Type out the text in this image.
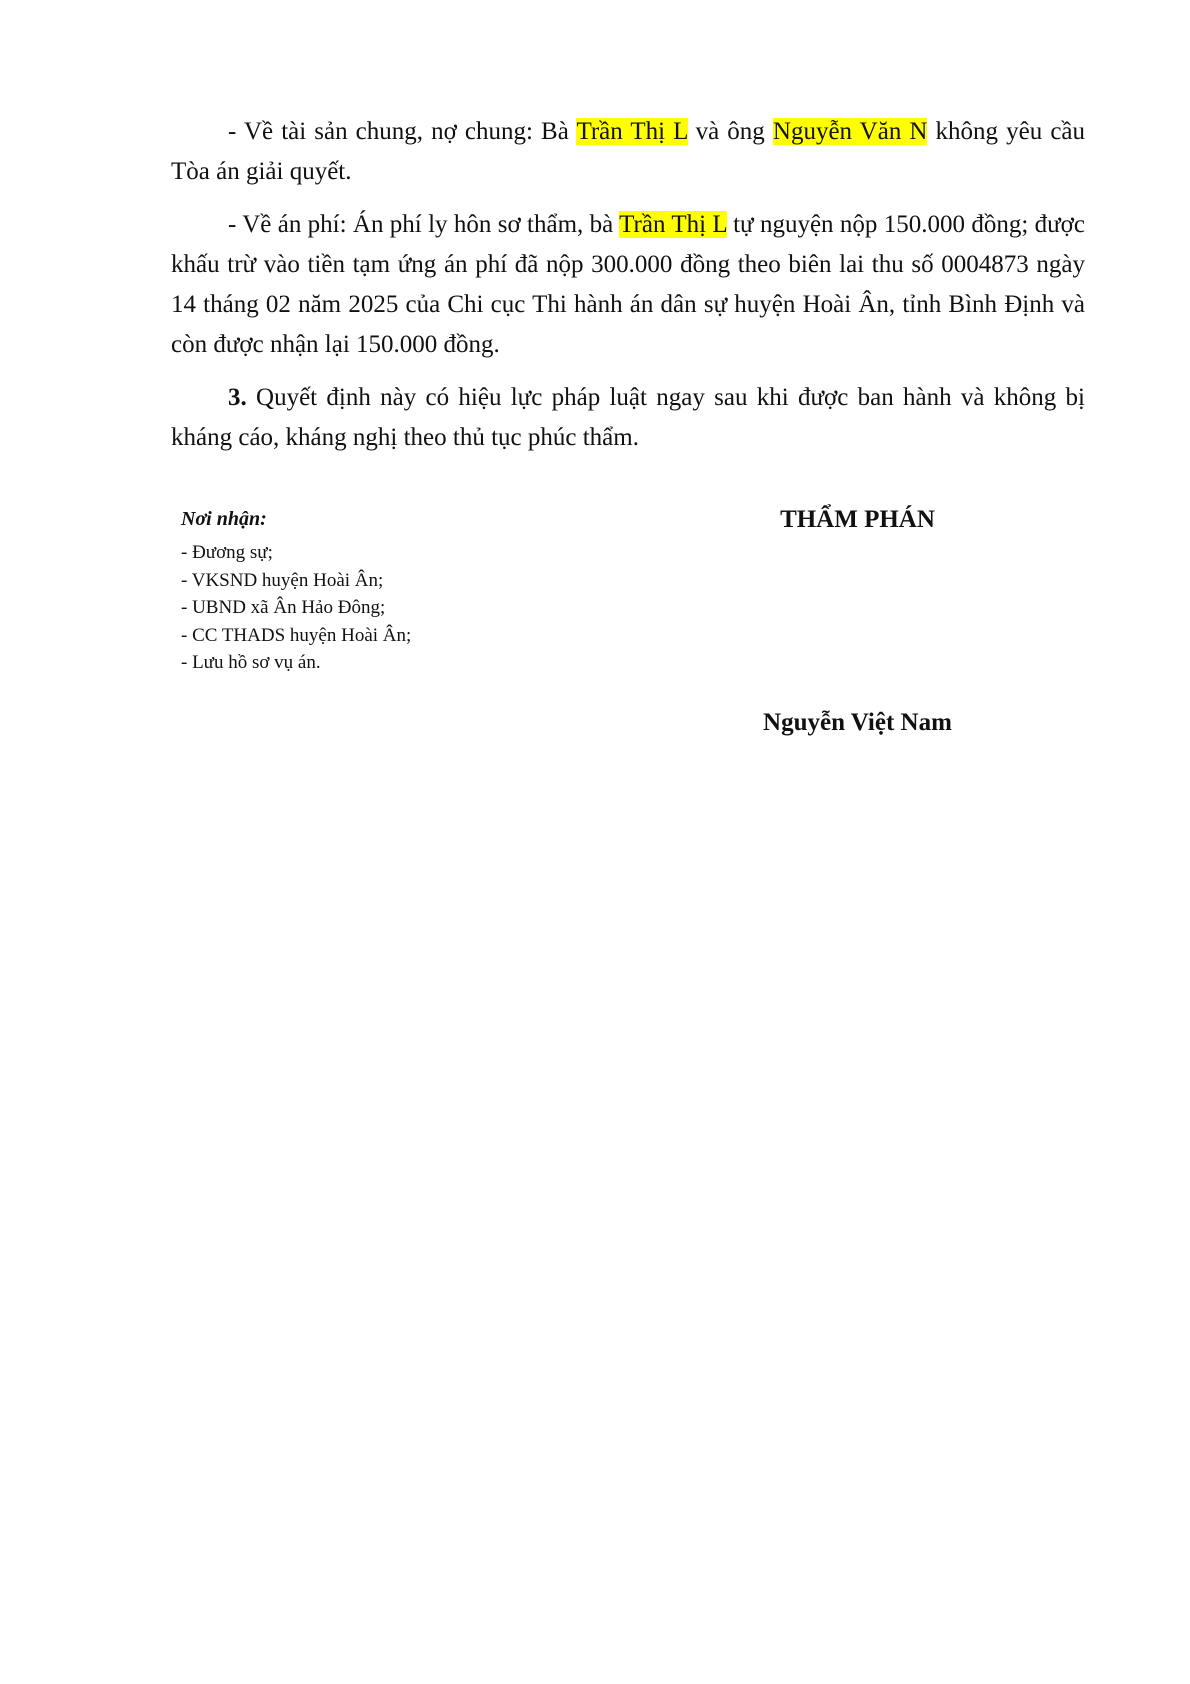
- Về tài sản chung, nợ chung: Bà Trần Thị L và ông Nguyễn Văn N không yêu cầu Tòa án giải quyết.

- Về án phí: Án phí ly hôn sơ thẩm, bà Trần Thị L tự nguyện nộp 150.000 đồng; được khấu trừ vào tiền tạm ứng án phí đã nộp 300.000 đồng theo biên lai thu số 0004873 ngày 14 tháng 02 năm 2025 của Chi cục Thi hành án dân sự huyện Hoài Ân, tỉnh Bình Định và còn được nhận lại 150.000 đồng.

3. Quyết định này có hiệu lực pháp luật ngay sau khi được ban hành và không bị kháng cáo, kháng nghị theo thủ tục phúc thẩm.

Nơi nhận:
- Đương sự;
- VKSND huyện Hoài Ân;
- UBND xã Ân Hảo Đông;
- CC THADS huyện Hoài Ân;
- Lưu hồ sơ vụ án.
THẨM PHÁN
Nguyễn Việt Nam
